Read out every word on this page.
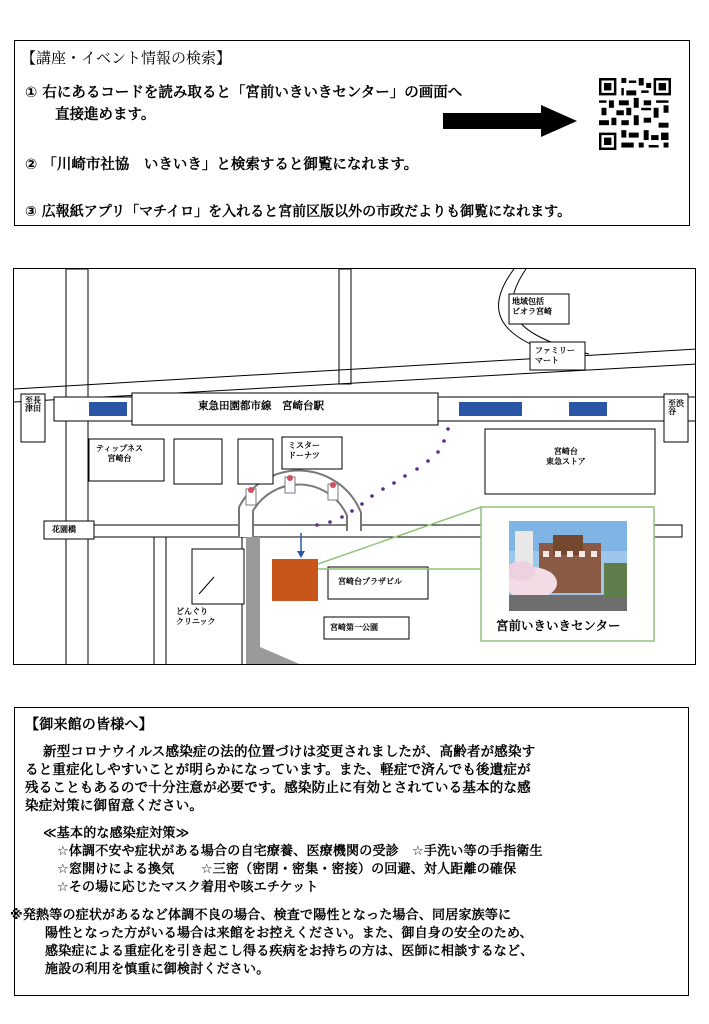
【講座・イベント情報の検索】
① 右にあるコードを読み取ると「宮前いきいきセンター」の画面へ
直接進めます。
② 「川崎市社協　いきいき」と検索すると御覧になれます。
③ 広報紙アプリ「マチイロ」を入れると宮前区版以外の市政だよりも御覧になれます。
東急田園都市線　宮崎台駅
至長津田
至渋谷
地域包括
ビオラ宮崎
ファミリー
マート
ティップネス
宮崎台
ミスター
ドーナツ	宮崎台
東急ストア
花園橋
宮崎台プラザビル
どんぐり
クリニック
宮崎第一公園	宮前いきいきセンター
【御来館の皆様へ】
新型コロナウイルス感染症の法的位置づけは変更されましたが、高齢者が感染す
ると重症化しやすいことが明らかになっています。また、軽症で済んでも後遺症が
残ることもあるので十分注意が必要です。感染防止に有効とされている基本的な感
染症対策に御留意ください。
≪基本的な感染症対策≫
☆体調不安や症状がある場合の自宅療養、医療機関の受診　☆手洗い等の手指衛生
☆窓開けによる換気　　☆三密（密閉・密集・密接）の回避、対人距離の確保
☆その場に応じたマスク着用や咳エチケット
※発熱等の症状があるなど体調不良の場合、検査で陽性となった場合、同居家族等に
陽性となった方がいる場合は来館をお控えください。また、御自身の安全のため、
感染症による重症化を引き起こし得る疾病をお持ちの方は、医師に相談するなど、
施設の利用を慎重に御検討ください。
